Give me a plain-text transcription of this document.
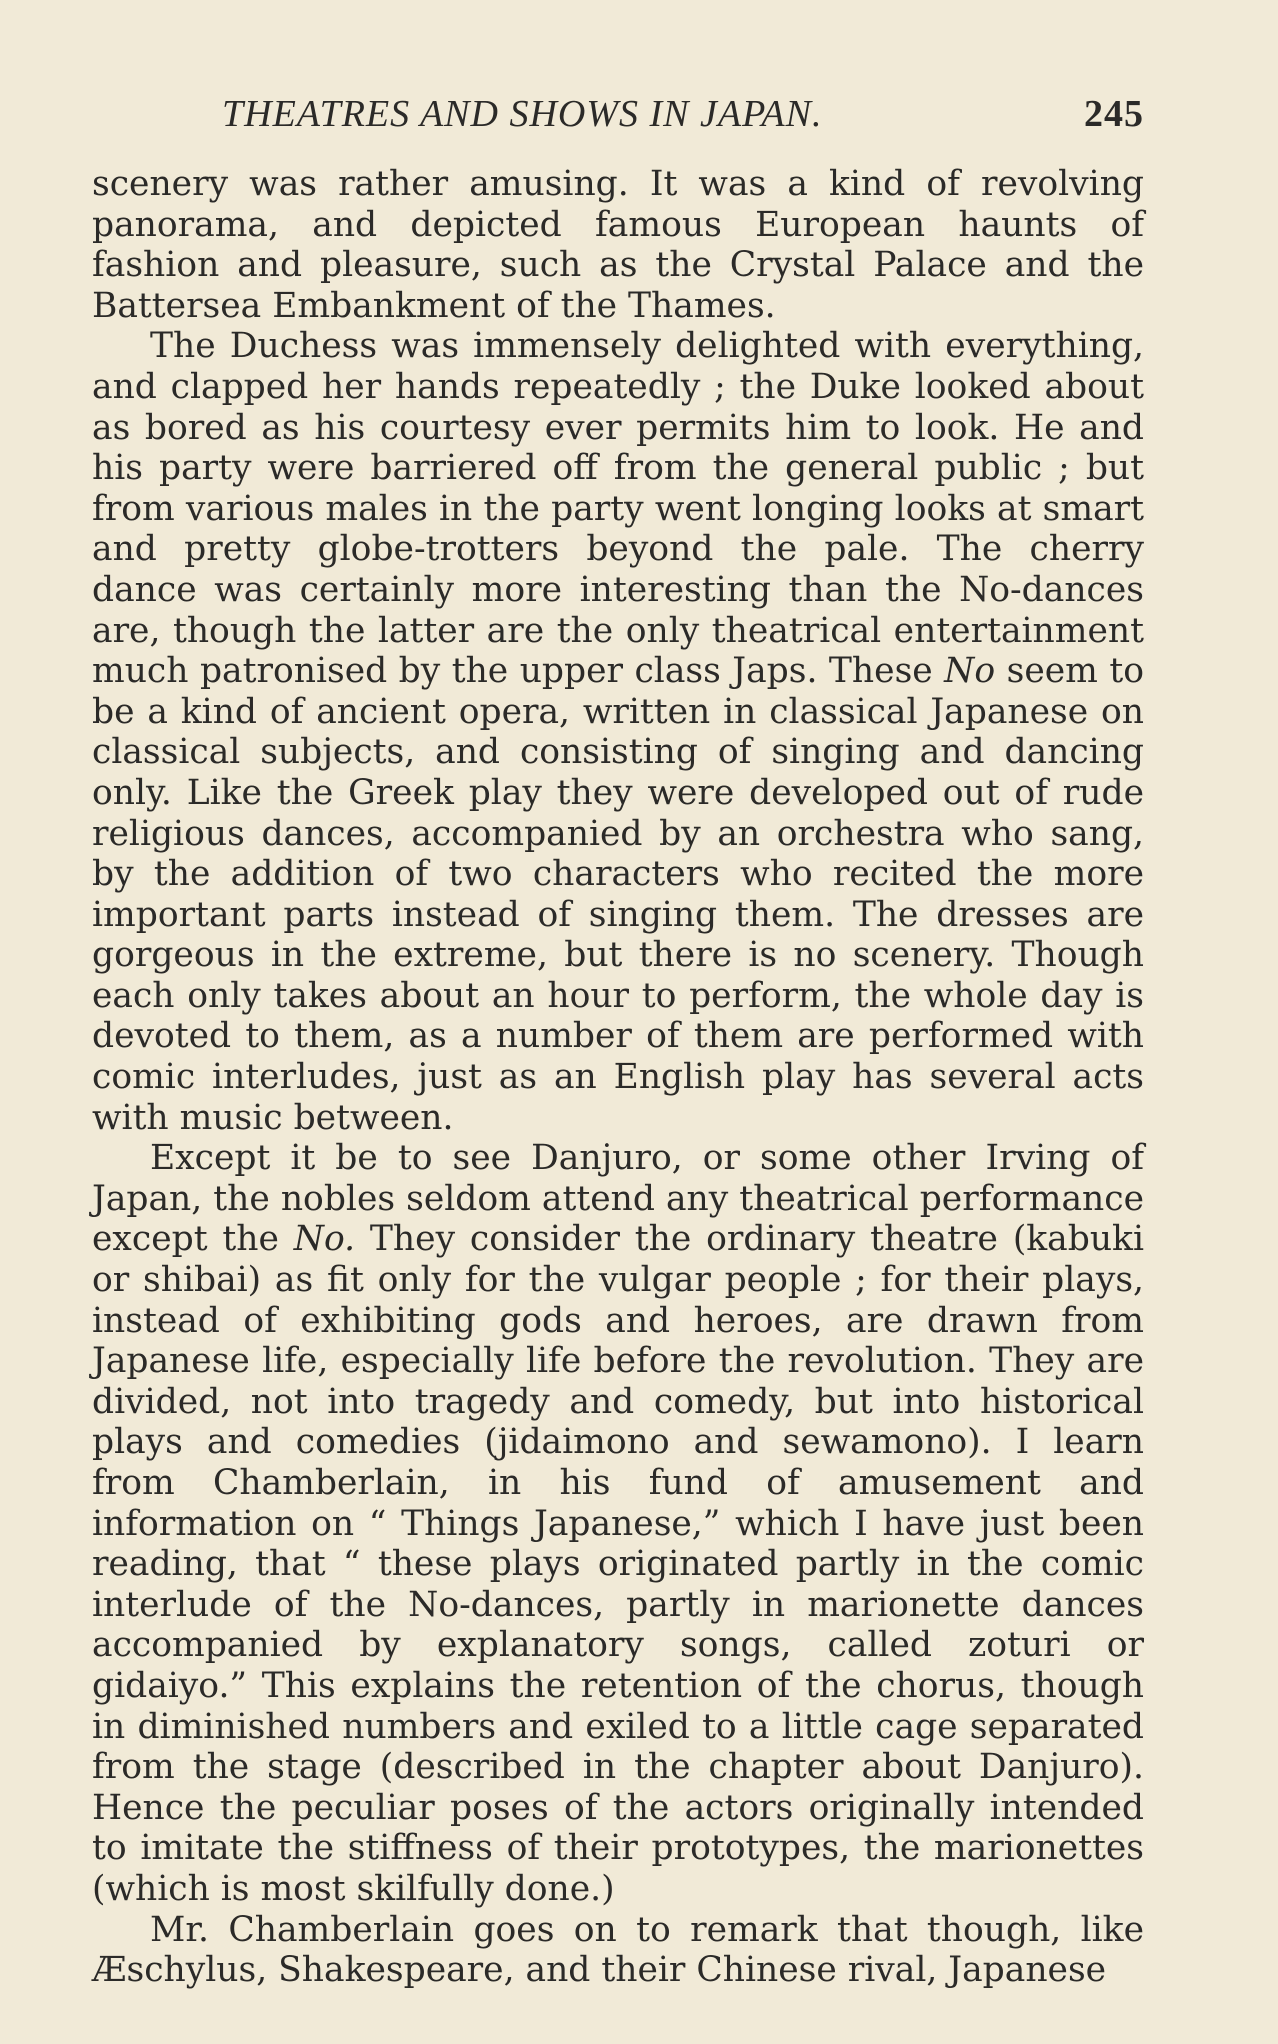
THEATRES AND SHOWS IN JAPAN.	245

scenery was rather amusing. It was a kind of revolving panorama, and depicted famous European haunts of fashion and pleasure, such as the Crystal Palace and the Battersea Embankment of the Thames.

The Duchess was immensely delighted with everything, and clapped her hands repeatedly ; the Duke looked about as bored as his courtesy ever permits him to look. He and his party were barriered off from the general public ; but from various males in the party went longing looks at smart and pretty globe-trotters beyond the pale. The cherry dance was certainly more interesting than the No-dances are, though the latter are the only theatrical entertainment much patronised by the upper class Japs. These No seem to be a kind of ancient opera, written in classical Japanese on classical subjects, and consisting of singing and dancing only. Like the Greek play they were developed out of rude religious dances, accompanied by an orchestra who sang, by the addition of two characters who recited the more important parts instead of singing them. The dresses are gorgeous in the extreme, but there is no scenery. Though each only takes about an hour to perform, the whole day is devoted to them, as a number of them are performed with comic interludes, just as an English play has several acts with music between.

Except it be to see Danjuro, or some other Irving of Japan, the nobles seldom attend any theatrical performance except the No. They consider the ordinary theatre (kabuki or shibai) as fit only for the vulgar people ; for their plays, instead of exhibiting gods and heroes, are drawn from Japanese life, especially life before the revolution. They are divided, not into tragedy and comedy, but into historical plays and comedies (jidaimono and sewamono). I learn from Chamberlain, in his fund of amusement and information on “ Things Japanese,” which I have just been reading, that “ these plays originated partly in the comic interlude of the No-dances, partly in marionette dances accompanied by explanatory songs, called zoturi or gidaiyo.” This explains the retention of the chorus, though in diminished numbers and exiled to a little cage separated from the stage (described in the chapter about Danjuro). Hence the peculiar poses of the actors originally intended to imitate the stiffness of their prototypes, the marionettes (which is most skilfully done.)

Mr. Chamberlain goes on to remark that though, like Æschylus, Shakespeare, and their Chinese rival, Japanese
